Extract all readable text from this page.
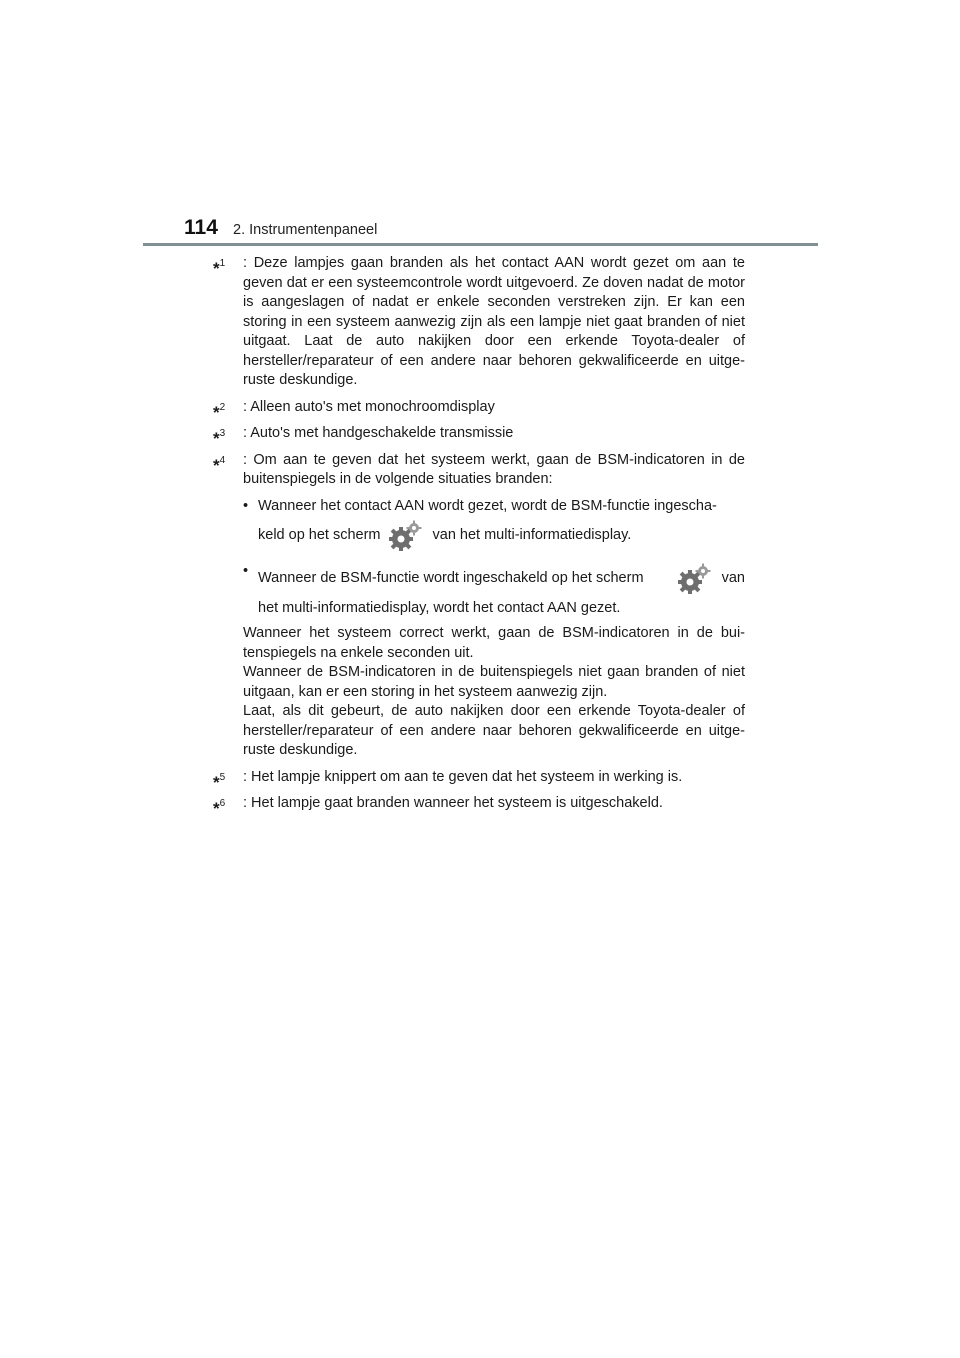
114 2. Instrumentenpaneel
*$^1$ : Deze lampjes gaan branden als het contact AAN wordt gezet om aan te geven dat er een systeemcontrole wordt uitgevoerd. Ze doven nadat de motor is aangeslagen of nadat er enkele seconden verstreken zijn. Er kan een storing in een systeem aanwezig zijn als een lampje niet gaat branden of niet uitgaat. Laat de auto nakijken door een erkende Toyota-dealer of hersteller/reparateur of een andere naar behoren gekwalificeerde en uitge-ruste deskundige.
*$^2$ : Alleen auto's met monochroomdisplay
*$^3$ : Auto's met handgeschakelde transmissie
*$^4$ : Om aan te geven dat het systeem werkt, gaan de BSM-indicatoren in de buitenspiegels in de volgende situaties branden:
• Wanneer het contact AAN wordt gezet, wordt de BSM-functie ingescha-
keld op het scherm	van het multi-informatiedisplay.
• Wanneer de BSM-functie wordt ingeschakeld op het scherm	van
het multi-informatiedisplay, wordt het contact AAN gezet.

Wanneer het systeem correct werkt, gaan de BSM-indicatoren in de bui-tenspiegels na enkele seconden uit.

Wanneer de BSM-indicatoren in de buitenspiegels niet gaan branden of niet uitgaan, kan er een storing in het systeem aanwezig zijn.

Laat, als dit gebeurt, de auto nakijken door een erkende Toyota-dealer of hersteller/reparateur of een andere naar behoren gekwalificeerde en uitge-ruste deskundige.

*$^5$ : Het lampje knippert om aan te geven dat het systeem in werking is.
*$^6$ : Het lampje gaat branden wanneer het systeem is uitgeschakeld.
